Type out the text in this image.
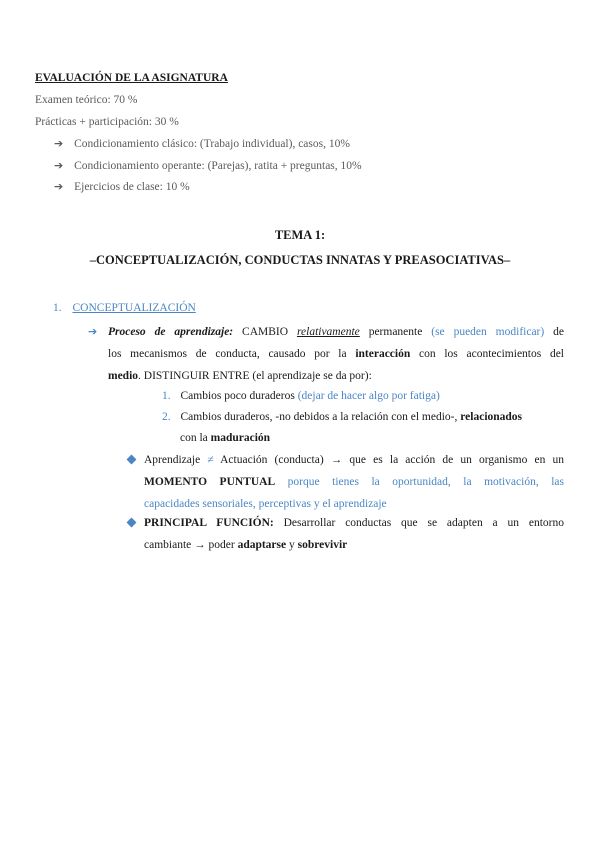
EVALUACIÓN DE LA ASIGNATURA
Examen teórico: 70 %
Prácticas + participación: 30 %
➔ Condicionamiento clásico: (Trabajo individual), casos, 10%
➔ Condicionamiento operante: (Parejas), ratita + preguntas, 10%
➔ Ejercicios de clase: 10 %
TEMA 1:
–CONCEPTUALIZACIÓN, CONDUCTAS INNATAS Y PREASOCIATIVAS–
1. CONCEPTUALIZACIÓN
➔ Proceso de aprendizaje: CAMBIO relativamente permanente (se pueden modificar) de
los mecanismos de conducta, causado por la interacción con los acontecimientos del
medio. DISTINGUIR ENTRE (el aprendizaje se da por):
1. Cambios poco duraderos (dejar de hacer algo por fatiga)
2. Cambios duraderos, -no debidos a la relación con el medio-, relacionados
con la maduración
Aprendizaje ≠ Actuación (conducta) → que es la acción de un organismo en un
MOMENTO PUNTUAL porque tienes la oportunidad, la motivación, las
capacidades sensoriales, perceptivas y el aprendizaje
PRINCIPAL FUNCIÓN: Desarrollar conductas que se adapten a un entorno
cambiante → poder adaptarse y sobrevivir
